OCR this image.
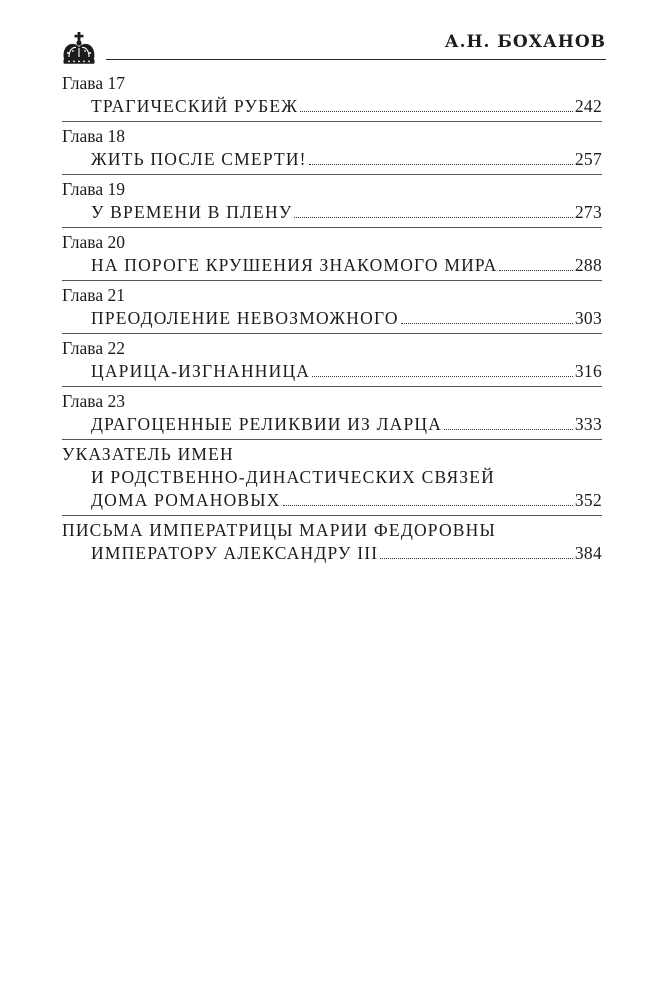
А.Н. БОХАНОВ
Глава 17
ТРАГИЧЕСКИЙ РУБЕЖ	242
Глава 18
ЖИТЬ ПОСЛЕ СМЕРТИ!	257
Глава 19
У ВРЕМЕНИ В ПЛЕНУ	273
Глава 20
НА ПОРОГЕ КРУШЕНИЯ ЗНАКОМОГО МИРА	288
Глава 21
ПРЕОДОЛЕНИЕ НЕВОЗМОЖНОГО	303
Глава 22
ЦАРИЦА-ИЗГНАННИЦА	316
Глава 23
ДРАГОЦЕННЫЕ РЕЛИКВИИ ИЗ ЛАРЦА	333
УКАЗАТЕЛЬ ИМЕН
И РОДСТВЕННО-ДИНАСТИЧЕСКИХ СВЯЗЕЙ
ДОМА РОМАНОВЫХ	352
ПИСЬМА ИМПЕРАТРИЦЫ МАРИИ ФЕДОРОВНЫ
ИМПЕРАТОРУ АЛЕКСАНДРУ III	384
